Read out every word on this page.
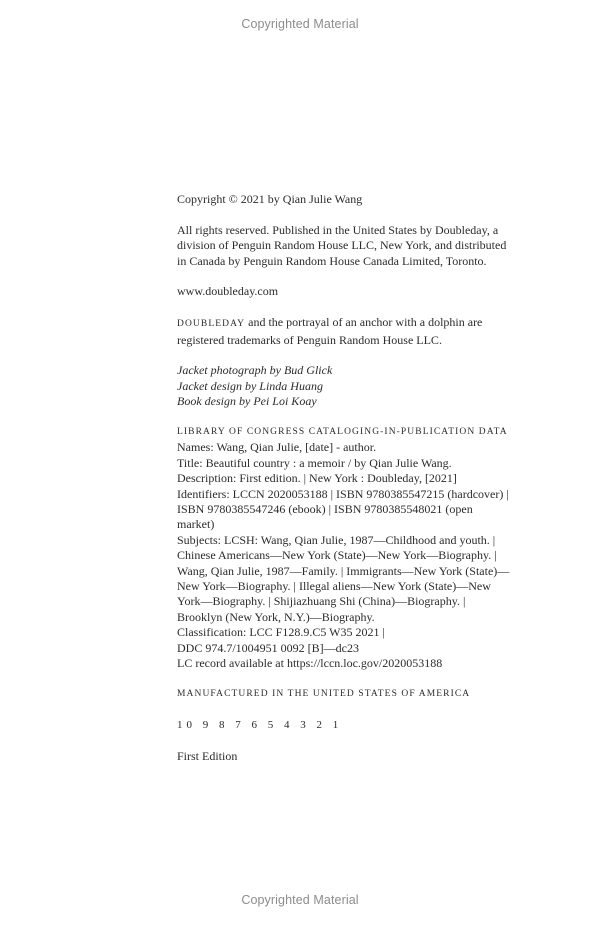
Copyrighted Material

Copyright © 2021 by Qian Julie Wang

All rights reserved. Published in the United States by Doubleday, a

division of Penguin Random House LLC, New York, and distributed

in Canada by Penguin Random House Canada Limited, Toronto.

www.doubleday.com

DOUBLEDAY and the portrayal of an anchor with a dolphin are

registered trademarks of Penguin Random House LLC.

Jacket photograph by Bud Glick

Jacket design by Linda Huang

Book design by Pei Loi Koay

LIBRARY OF CONGRESS CATALOGING-IN-PUBLICATION DATA

Names: Wang, Qian Julie, [date] - author.

Title: Beautiful country : a memoir / by Qian Julie Wang.

Description: First edition. | New York : Doubleday, [2021]

Identifiers: LCCN 2020053188 | ISBN 9780385547215 (hardcover) |

ISBN 9780385547246 (ebook) | ISBN 9780385548021 (open market)

Subjects: LCSH: Wang, Qian Julie, 1987—Childhood and youth. |

Chinese Americans—New York (State)—New York—Biography. |

Wang, Qian Julie, 1987—Family. | Immigrants—New York (State)—

New York—Biography. | Illegal aliens—New York (State)—New

York—Biography. | Shijiazhuang Shi (China)—Biography. |

Brooklyn (New York, N.Y.)—Biography.

Classification: LCC F128.9.C5 W35 2021 |

DDC 974.7/1004951 0092 [B]—dc23

LC record available at https://lccn.loc.gov/2020053188

MANUFACTURED IN THE UNITED STATES OF AMERICA

10 9 8 7 6 5 4 3 2 1

First Edition

Copyrighted Material
